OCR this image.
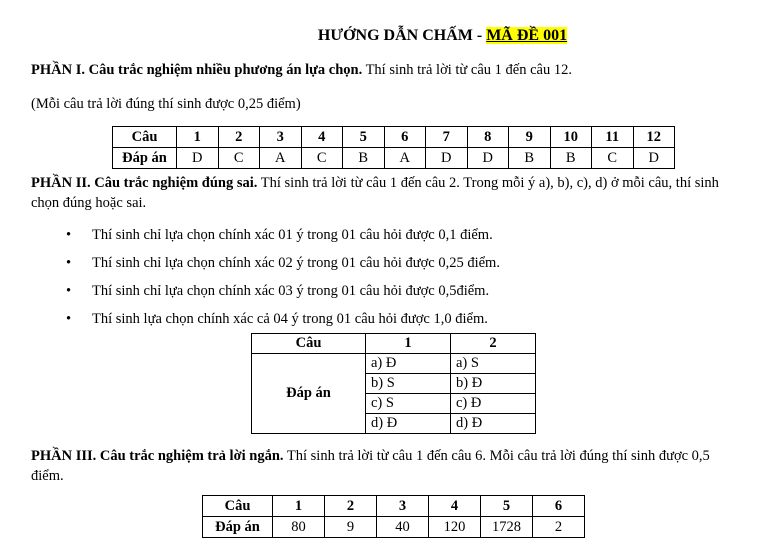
HƯỚNG DẪN CHẤM - MÃ ĐỀ 001

PHẦN I. Câu trắc nghiệm nhiều phương án lựa chọn. Thí sinh trả lời từ câu 1 đến câu 12.

(Mỗi câu trả lời đúng thí sinh được 0,25 điểm)

Câu	1	2	3	4	5	6	7	8	9	10	11	12
Đáp án	D	C	A	C	B	A	D	D	B	B	C	D

PHẦN II. Câu trắc nghiệm đúng sai. Thí sinh trả lời từ câu 1 đến câu 2. Trong mỗi ý a), b), c), d) ở mỗi câu, thí sinh chọn đúng hoặc sai.

• Thí sinh chỉ lựa chọn chính xác 01 ý trong 01 câu hỏi được 0,1 điểm.
• Thí sinh chỉ lựa chọn chính xác 02 ý trong 01 câu hỏi được 0,25 điểm.
• Thí sinh chỉ lựa chọn chính xác 03 ý trong 01 câu hỏi được 0,5điểm.
• Thí sinh lựa chọn chính xác cả 04 ý trong 01 câu hỏi được 1,0 điểm.
Câu	1	2
Đáp án	a) Đ	a) S
	b) S	b) Đ
	c) S	c) Đ
	d) Đ	d) Đ

PHẦN III. Câu trắc nghiệm trả lời ngắn. Thí sinh trả lời từ câu 1 đến câu 6. Mỗi câu trả lời đúng thí sinh được 0,5 điểm.

Câu	1	2	3	4	5	6
Đáp án	80	9	40	120	1728	2
